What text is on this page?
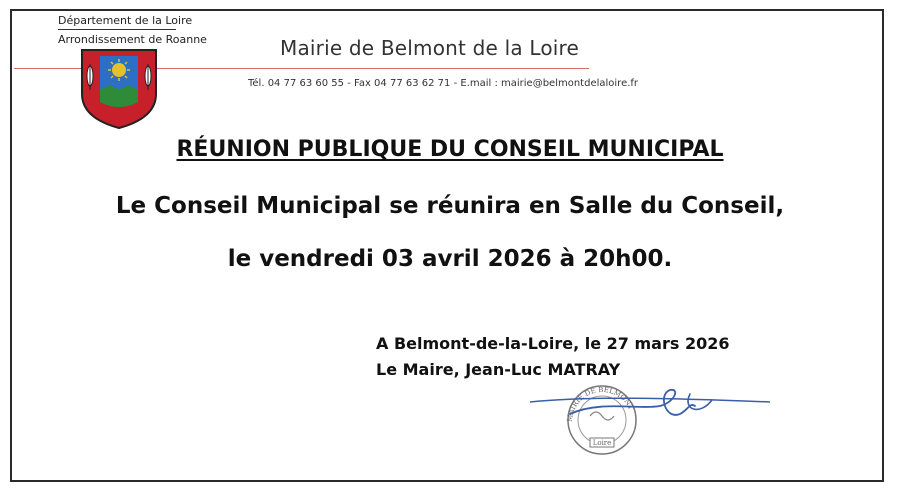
Département de la Loire
Arrondissement de Roanne	Mairie de Belmont de la Loire
Tél. 04 77 63 60 55 - Fax 04 77 63 62 71 - E.mail : mairie@belmontdelaloire.fr
RÉUNION PUBLIQUE DU CONSEIL MUNICIPAL
Le Conseil Municipal se réunira en Salle du Conseil,
le vendredi 03 avril 2026 à 20h00.
A Belmont-de-la-Loire, le 27 mars 2026
Le Maire, Jean-Luc MATRAY
MAIRIE DE BELMONT
Loire
